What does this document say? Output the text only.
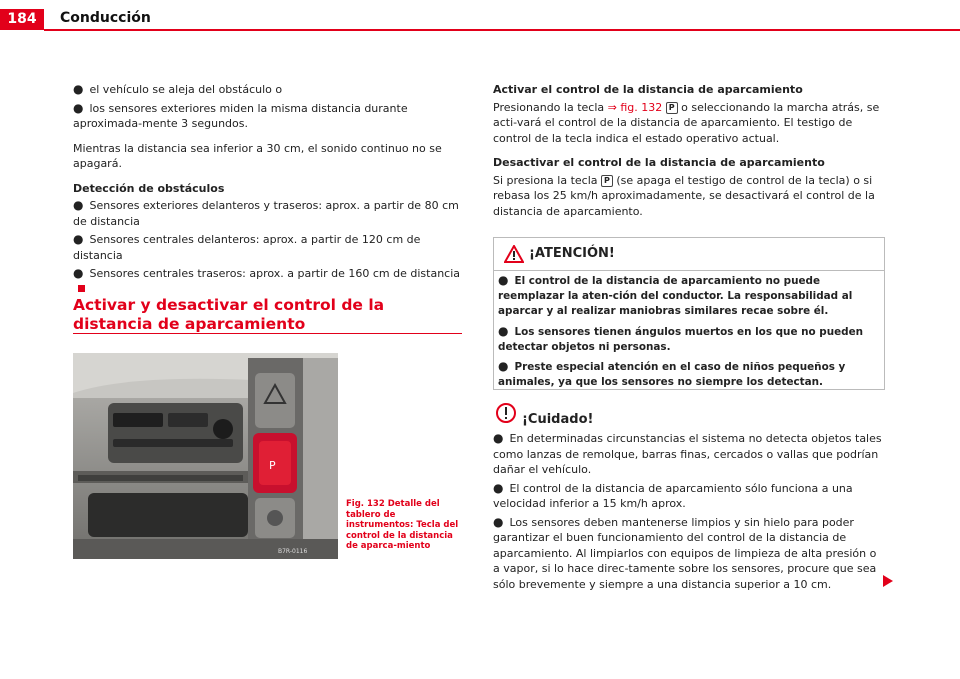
184	Conducción

● el vehículo se aleja del obstáculo o

● los sensores exteriores miden la misma distancia durante aproximada-mente 3 segundos.

Mientras la distancia sea inferior a 30 cm, el sonido continuo no se apagará.

Detección de obstáculos

● Sensores exteriores delanteros y traseros: aprox. a partir de 80 cm de distancia

● Sensores centrales delanteros: aprox. a partir de 120 cm de distancia

● Sensores centrales traseros: aprox. a partir de 160 cm de distancia

Activar y desactivar el control de la distancia de aparcamiento
P
B7R-0116
Fig. 132 Detalle del tablero de instrumentos: Tecla del control de la distancia de aparca-miento

Activar el control de la distancia de aparcamiento

Presionando la tecla ⇒ fig. 132 P o seleccionando la marcha atrás, se acti-vará el control de la distancia de aparcamiento. El testigo de control de la tecla indica el estado operativo actual.

Desactivar el control de la distancia de aparcamiento

Si presiona la tecla P (se apaga el testigo de control de la tecla) o si rebasa los 25 km/h aproximadamente, se desactivará el control de la distancia de aparcamiento.

¡ATENCIÓN!

● El control de la distancia de aparcamiento no puede reemplazar la aten-ción del conductor. La responsabilidad al aparcar y al realizar maniobras similares recae sobre él.

● Los sensores tienen ángulos muertos en los que no pueden detectar objetos ni personas.

● Preste especial atención en el caso de niños pequeños y animales, ya que los sensores no siempre los detectan.

¡Cuidado!

● En determinadas circunstancias el sistema no detecta objetos tales como lanzas de remolque, barras finas, cercados o vallas que podrían dañar el vehículo.

● El control de la distancia de aparcamiento sólo funciona a una velocidad inferior a 15 km/h aprox.

● Los sensores deben mantenerse limpios y sin hielo para poder garantizar el buen funcionamiento del control de la distancia de aparcamiento. Al limpiarlos con equipos de limpieza de alta presión o a vapor, si lo hace direc-tamente sobre los sensores, procure que sea sólo brevemente y siempre a una distancia superior a 10 cm.
